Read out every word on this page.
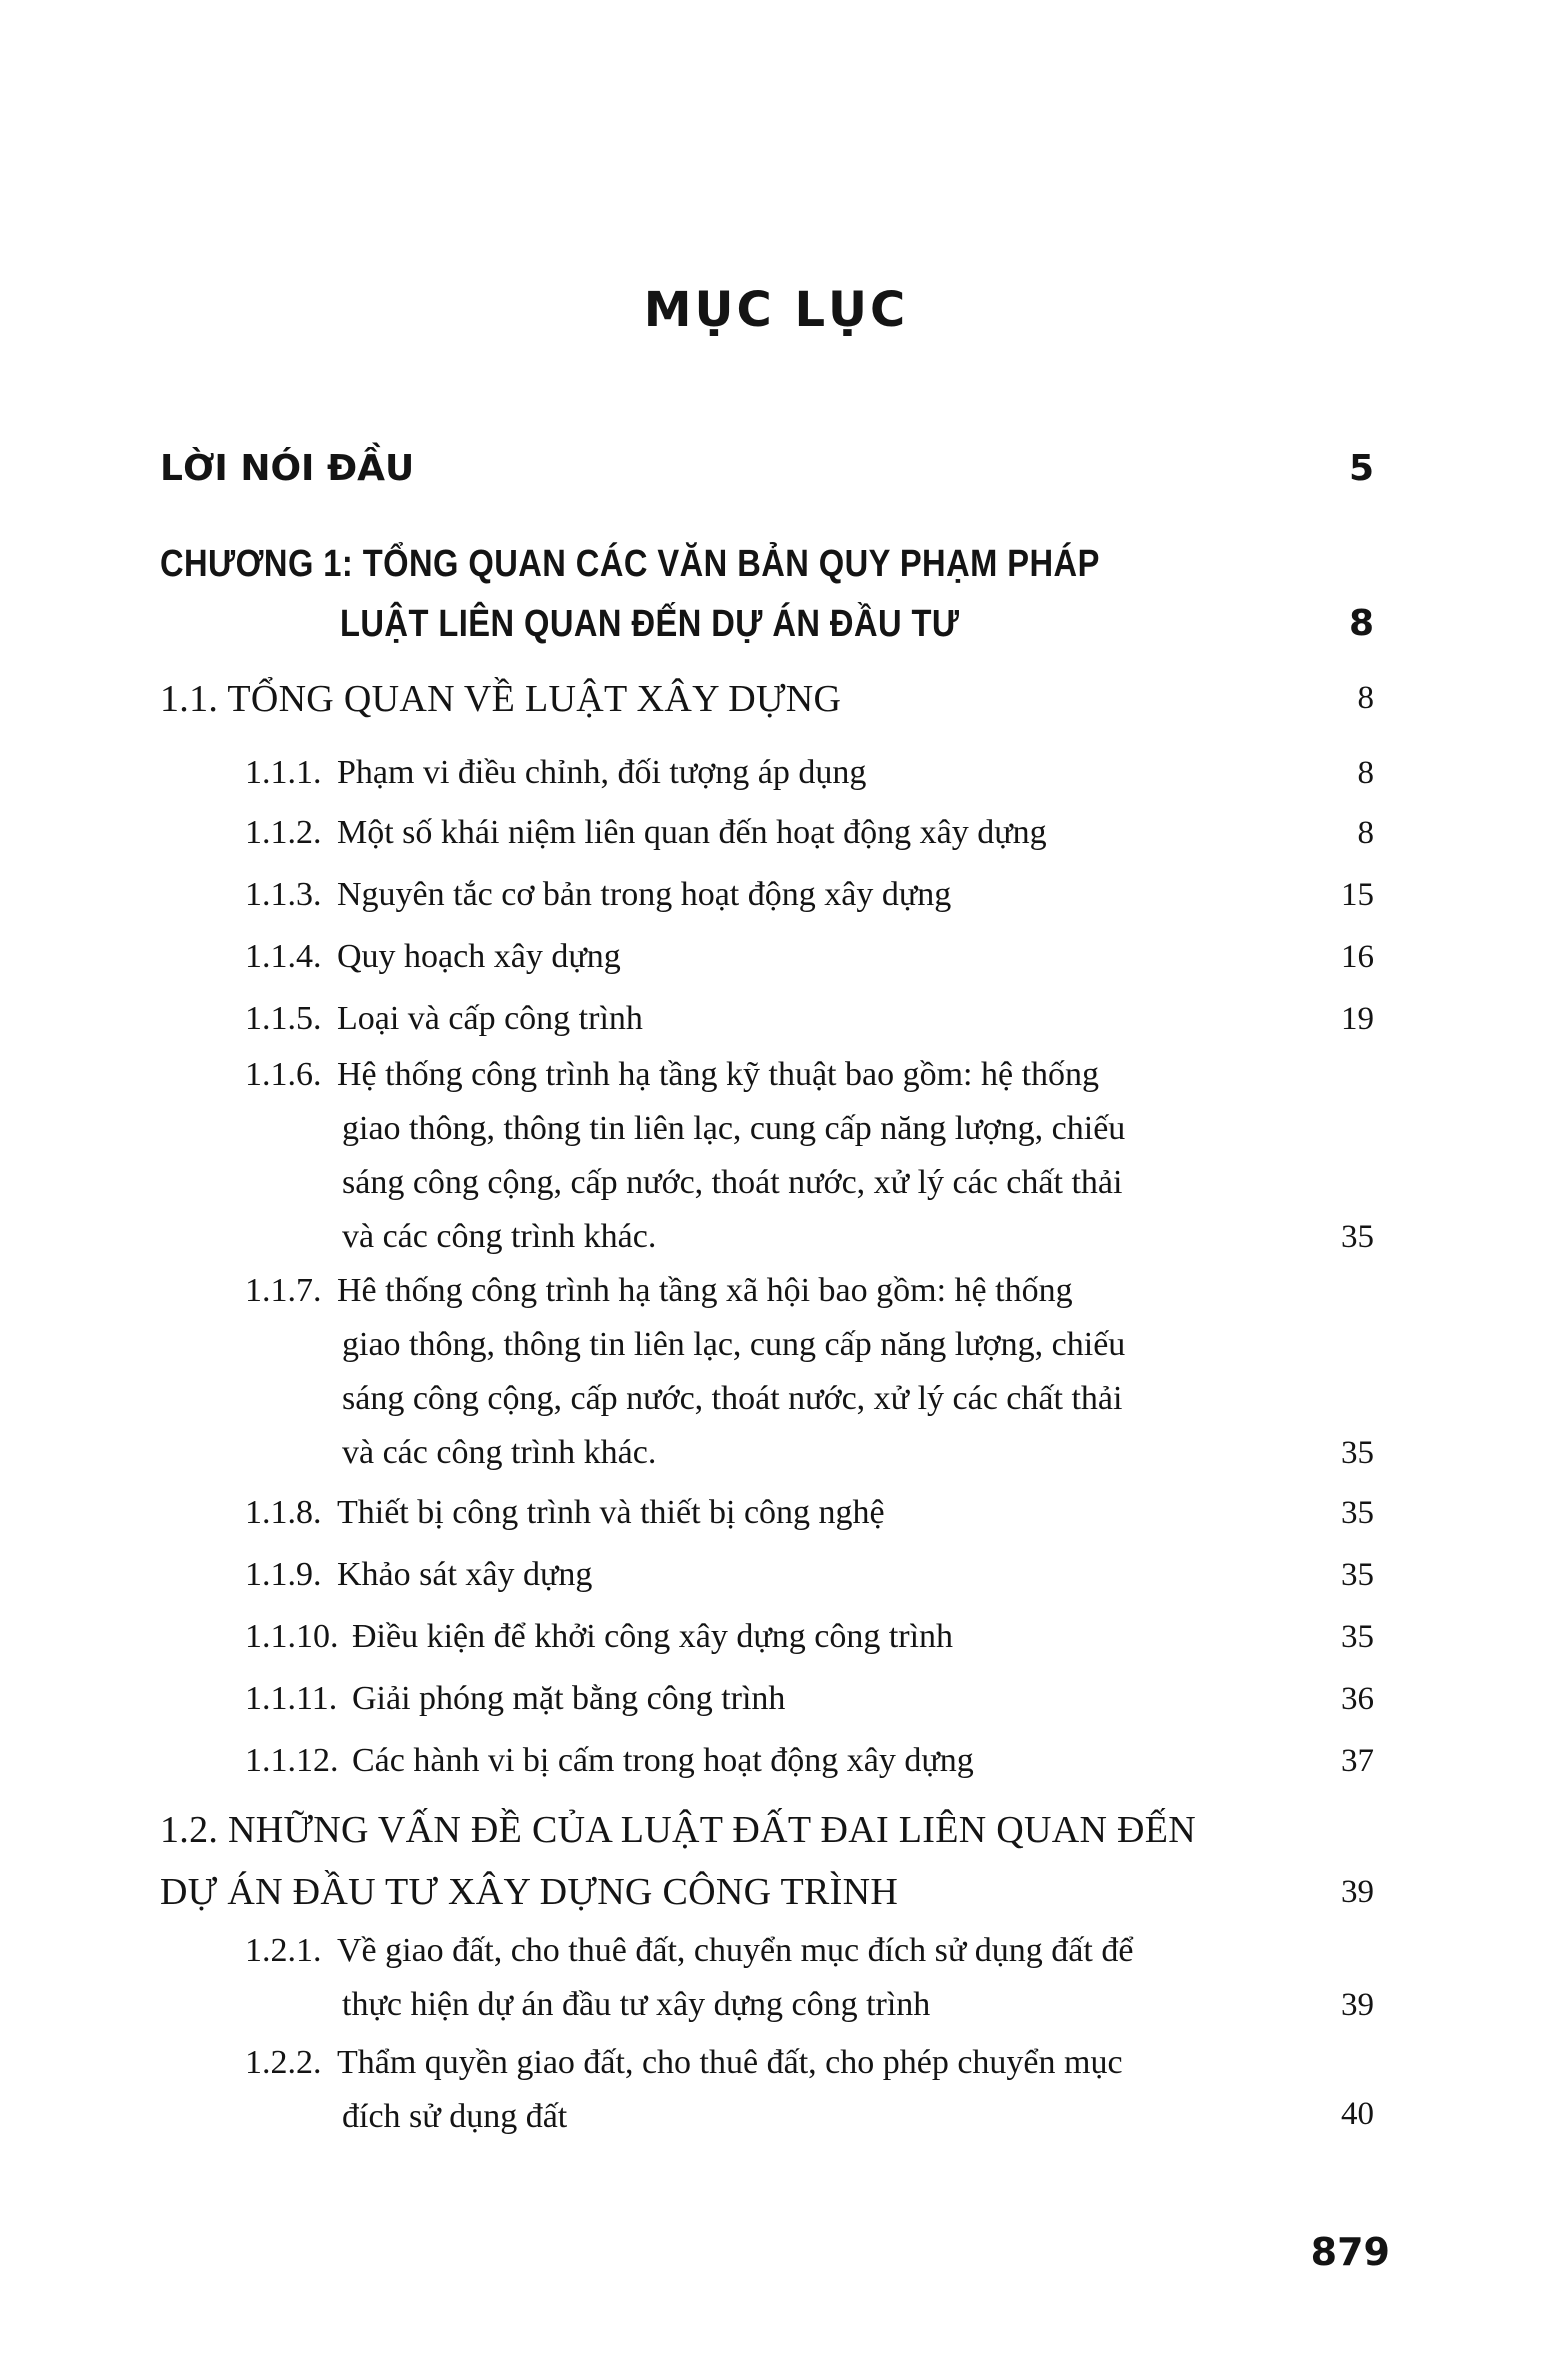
MỤC LỤC
LỜI NÓI ĐẦU	5
CHƯƠNG 1: TỔNG QUAN CÁC VĂN BẢN QUY PHẠM PHÁP
LUẬT LIÊN QUAN ĐẾN DỰ ÁN ĐẦU TƯ	8
1.1. TỔNG QUAN VỀ LUẬT XÂY DỰNG	8
1.1.1. Phạm vi điều chỉnh, đối tượng áp dụng	8
1.1.2. Một số khái niệm liên quan đến hoạt động xây dựng	8
1.1.3. Nguyên tắc cơ bản trong hoạt động xây dựng	15
1.1.4. Quy hoạch xây dựng	16
1.1.5. Loại và cấp công trình	19
1.1.6. Hệ thống công trình hạ tầng kỹ thuật bao gồm: hệ thống
giao thông, thông tin liên lạc, cung cấp năng lượng, chiếu
sáng công cộng, cấp nước, thoát nước, xử lý các chất thải
và các công trình khác.	35
1.1.7. Hê thống công trình hạ tầng xã hội bao gồm: hệ thống
giao thông, thông tin liên lạc, cung cấp năng lượng, chiếu
sáng công cộng, cấp nước, thoát nước, xử lý các chất thải
và các công trình khác.	35
1.1.8. Thiết bị công trình và thiết bị công nghệ	35
1.1.9. Khảo sát xây dựng	35
1.1.10. Điều kiện để khởi công xây dựng công trình	35
1.1.11. Giải phóng mặt bằng công trình	36
1.1.12. Các hành vi bị cấm trong hoạt động xây dựng	37
1.2. NHỮNG VẤN ĐỀ CỦA LUẬT ĐẤT ĐAI LIÊN QUAN ĐẾN
DỰ ÁN ĐẦU TƯ XÂY DỰNG CÔNG TRÌNH	39
1.2.1. Về giao đất, cho thuê đất, chuyển mục đích sử dụng đất để
thực hiện dự án đầu tư xây dựng công trình	39
1.2.2. Thẩm quyền giao đất, cho thuê đất, cho phép chuyển mục
đích sử dụng đất	40
879
